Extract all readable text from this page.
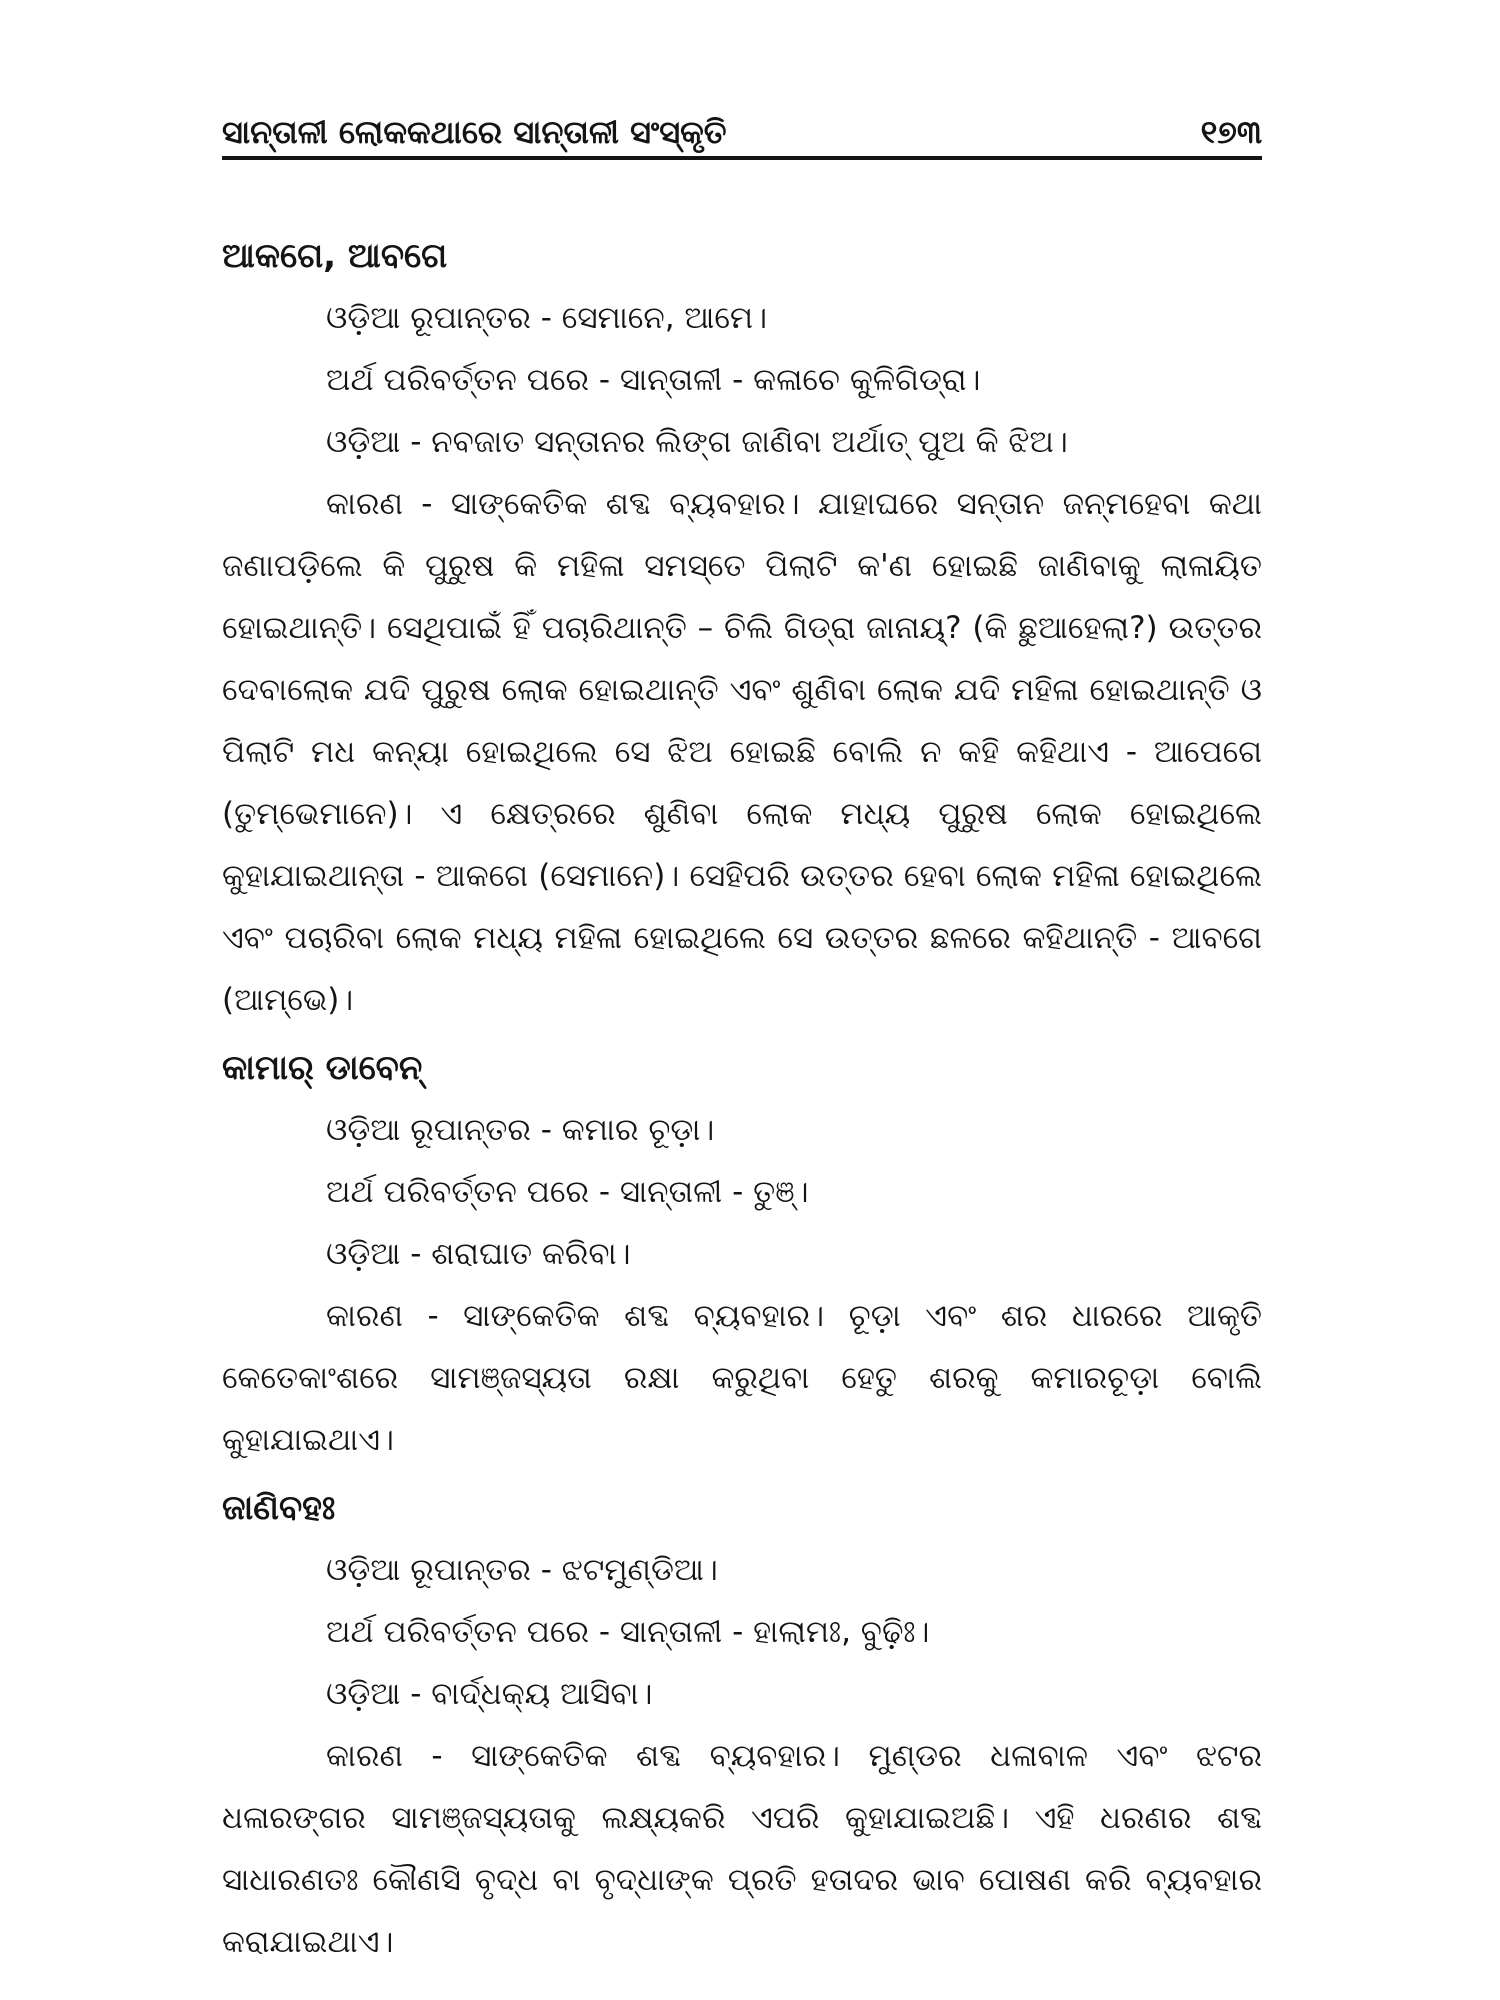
ସାନ୍ତାଳୀ ଲୋକକଥାରେ ସାନ୍ତାଳୀ ସଂସ୍କୃତି	୧୭୩

ଆକଗେ, ଆବଗେ

ଓଡ଼ିଆ ରୂପାନ୍ତର - ସେମାନେ, ଆମେ।

ଅର୍ଥ ପରିବର୍ତ୍ତନ ପରେ - ସାନ୍ତାଳୀ - କଳାଚେ କୁଳିଗିଡ୍ରା।

ଓଡ଼ିଆ - ନବଜାତ ସନ୍ତାନର ଲିଙ୍ଗ ଜାଣିବା ଅର୍ଥାତ୍ ପୁଅ କି ଝିଅ।

କାରଣ - ସାଙ୍କେତିକ ଶବ୍ଦ ବ୍ୟବହାର। ଯାହାଘରେ ସନ୍ତାନ ଜନ୍ମହେବା କଥା ଜଣାପଡ଼ିଲେ କି ପୁରୁଷ କି ମହିଳା ସମସ୍ତେ ପିଲାଟି କ'ଣ ହୋଇଛି ଜାଣିବାକୁ ଲାଳାୟିତ ହୋଇଥାନ୍ତି। ସେଥିପାଇଁ ହିଁ ପଚାରିଥାନ୍ତି – ଚିଲି ଗିଡ୍ରା ଜାନାୟ୍? (କି ଛୁଆହେଲା?) ଉତ୍ତର ଦେବାଲୋକ ଯଦି ପୁରୁଷ ଲୋକ ହୋଇଥାନ୍ତି ଏବଂ ଶୁଣିବା ଲୋକ ଯଦି ମହିଳା ହୋଇଥାନ୍ତି ଓ ପିଲାଟି ମଧ କନ୍ୟା ହୋଇଥିଲେ ସେ ଝିଅ ହୋଇଛି ବୋଲି ନ କହି କହିଥାଏ - ଆପେଗେ (ତୁମ୍ଭେମାନେ)। ଏ କ୍ଷେତ୍ରରେ ଶୁଣିବା ଲୋକ ମଧ୍ୟ ପୁରୁଷ ଲୋକ ହୋଇଥିଲେ କୁହାଯାଇଥାନ୍ତା - ଆକଗେ (ସେମାନେ)। ସେହିପରି ଉତ୍ତର ହେବା ଲୋକ ମହିଳା ହୋଇଥିଲେ ଏବଂ ପଚାରିବା ଲୋକ ମଧ୍ୟ ମହିଳା ହୋଇଥିଲେ ସେ ଉତ୍ତର ଛଳରେ କହିଥାନ୍ତି - ଆବଗେ (ଆମ୍ଭେ)।

କାମାର୍ ଡାବେନ୍

ଓଡ଼ିଆ ରୂପାନ୍ତର - କମାର ଚୂଡ଼ା।

ଅର୍ଥ ପରିବର୍ତ୍ତନ ପରେ - ସାନ୍ତାଳୀ - ତୁଞ୍।

ଓଡ଼ିଆ - ଶରାଘାତ କରିବା।

କାରଣ - ସାଙ୍କେତିକ ଶବ୍ଦ ବ୍ୟବହାର। ଚୂଡ଼ା ଏବଂ ଶର ଧାରରେ ଆକୃତି କେତେକାଂଶରେ ସାମଞ୍ଜସ୍ୟତା ରକ୍ଷା କରୁଥିବା ହେତୁ ଶରକୁ କମାରଚୂଡ଼ା ବୋଲି କୁହାଯାଇଥାଏ।

ଜାଣିବହଃ

ଓଡ଼ିଆ ରୂପାନ୍ତର - ଝଟମୁଣ୍ଡିଆ।

ଅର୍ଥ ପରିବର୍ତ୍ତନ ପରେ - ସାନ୍ତାଳୀ - ହାଲାମଃ, ବୁଢ଼ିଃ।

ଓଡ଼ିଆ - ବାର୍ଦ୍ଧକ୍ୟ ଆସିବା।

କାରଣ - ସାଙ୍କେତିକ ଶବ୍ଦ ବ୍ୟବହାର। ମୁଣ୍ଡର ଧଳାବାଳ ଏବଂ ଝଟର ଧଳାରଙ୍ଗର ସାମଞ୍ଜସ୍ୟତାକୁ ଲକ୍ଷ୍ୟକରି ଏପରି କୁହାଯାଇଅଛି। ଏହି ଧରଣର ଶବ୍ଦ ସାଧାରଣତଃ କୌଣସି ବୃଦ୍ଧ ବା ବୃଦ୍ଧାଙ୍କ ପ୍ରତି ହତାଦର ଭାବ ପୋଷଣ କରି ବ୍ୟବହାର କରାଯାଇଥାଏ।
